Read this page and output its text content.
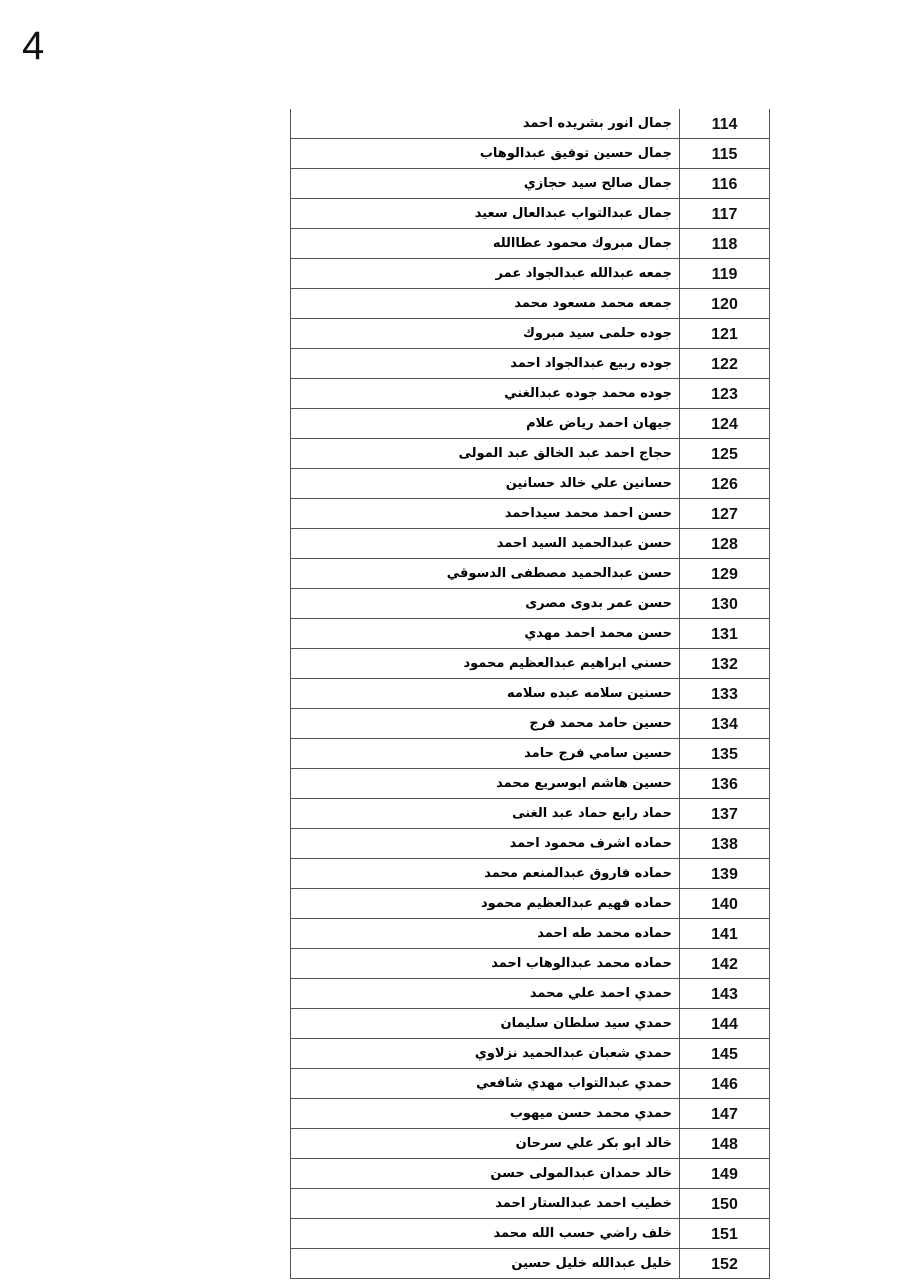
4
جمال انور بشريده احمد	114
جمال حسين توفيق عبدالوهاب	115
جمال صالح سيد حجازي	116
جمال عبدالتواب عبدالعال سعيد	117
جمال مبروك محمود عطاالله	118
جمعه عبدالله عبدالجواد عمر	119
جمعه محمد مسعود محمد	120
جوده حلمى سيد مبروك	121
جوده ربيع عبدالجواد احمد	122
جوده محمد جوده عبدالغني	123
جيهان احمد رياض علام	124
حجاج احمد عبد الخالق عبد المولى	125
حسانين علي خالد حسانين	126
حسن احمد محمد سيداحمد	127
حسن عبدالحميد السيد احمد	128
حسن عبدالحميد مصطفى الدسوقي	129
حسن عمر بدوى مصرى	130
حسن محمد احمد مهدي	131
حسني ابراهيم عبدالعظيم محمود	132
حسنين سلامه عبده سلامه	133
حسين حامد محمد فرج	134
حسين سامي فرج حامد	135
حسين هاشم ابوسريع محمد	136
حماد رابع حماد عبد الغنى	137
حماده اشرف محمود احمد	138
حماده فاروق عبدالمنعم محمد	139
حماده فهيم عبدالعظيم محمود	140
حماده محمد طه احمد	141
حماده محمد عبدالوهاب احمد	142
حمدي احمد علي محمد	143
حمدي سيد سلطان سليمان	144
حمدي شعبان عبدالحميد نزلاوي	145
حمدي عبدالتواب مهدي شافعي	146
حمدي محمد حسن ميهوب	147
خالد ابو بكر علي سرحان	148
خالد حمدان عبدالمولى حسن	149
خطيب احمد عبدالستار احمد	150
خلف راضي حسب الله محمد	151
خليل عبدالله خليل حسين	152
